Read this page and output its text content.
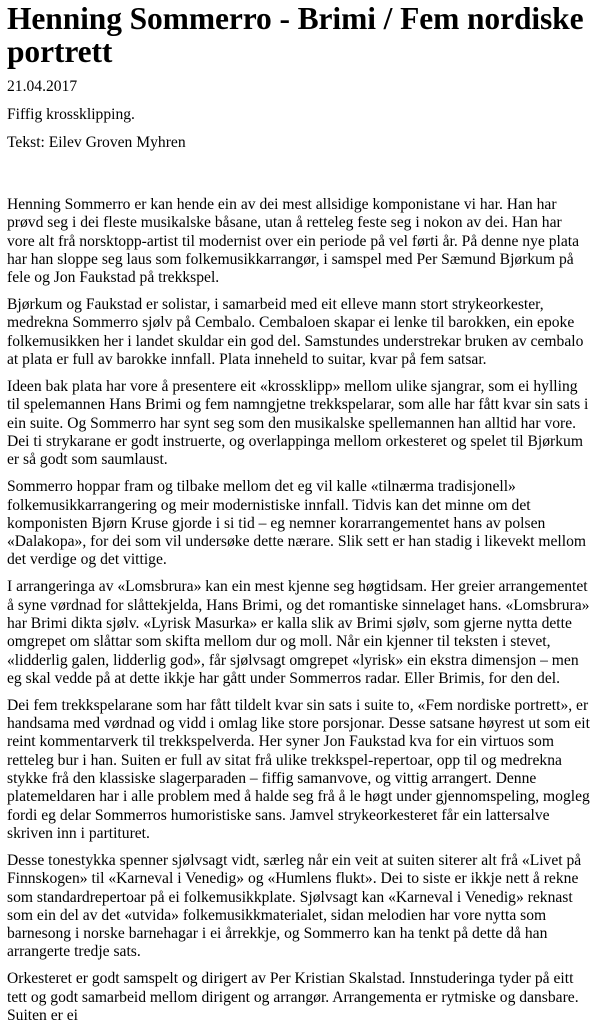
Henning Sommerro - Brimi / Fem nordiske portrett

21.04.2017

Fiffig krossklipping.

Tekst: Eilev Groven Myhren

Henning Sommerro er kan hende ein av dei mest allsidige komponistane vi har. Han har prøvd seg i dei fleste musikalske båsane, utan å retteleg feste seg i nokon av dei. Han har vore alt frå norsktopp-artist til modernist over ein periode på vel førti år. På denne nye plata har han sloppe seg laus som folkemusikkarrangør, i samspel med Per Sæmund Bjørkum på fele og Jon Faukstad på trekkspel.

Bjørkum og Faukstad er solistar, i samarbeid med eit elleve mann stort strykeorkester, medrekna Sommerro sjølv på Cembalo. Cembaloen skapar ei lenke til barokken, ein epoke folkemusikken her i landet skuldar ein god del. Samstundes understrekar bruken av cembalo at plata er full av barokke innfall. Plata inneheld to suitar, kvar på fem satsar.

Ideen bak plata har vore å presentere eit «krossklipp» mellom ulike sjangrar, som ei hylling til spelemannen Hans Brimi og fem namngjetne trekkspelarar, som alle har fått kvar sin sats i ein suite. Og Sommerro har synt seg som den musikalske spellemannen han alltid har vore. Dei ti strykarane er godt instruerte, og overlappinga mellom orkesteret og spelet til Bjørkum er så godt som saumlaust.

Sommerro hoppar fram og tilbake mellom det eg vil kalle «tilnærma tradisjonell» folkemusikkarrangering og meir modernistiske innfall. Tidvis kan det minne om det komponisten Bjørn Kruse gjorde i si tid – eg nemner korarrangementet hans av polsen «Dalakopa», for dei som vil undersøke dette nærare. Slik sett er han stadig i likevekt mellom det verdige og det vittige.

I arrangeringa av «Lomsbrura» kan ein mest kjenne seg høgtidsam. Her greier arrangementet å syne vørdnad for slåttekjelda, Hans Brimi, og det romantiske sinnelaget hans. «Lomsbrura» har Brimi dikta sjølv. «Lyrisk Masurka» er kalla slik av Brimi sjølv, som gjerne nytta dette omgrepet om slåttar som skifta mellom dur og moll. Når ein kjenner til teksten i stevet, «lidderlig galen, lidderlig god», får sjølvsagt omgrepet «lyrisk» ein ekstra dimensjon – men eg skal vedde på at dette ikkje har gått under Sommerros radar. Eller Brimis, for den del.

Dei fem trekkspelarane som har fått tildelt kvar sin sats i suite to, «Fem nordiske portrett», er handsama med vørdnad og vidd i omlag like store porsjonar. Desse satsane høyrest ut som eit reint kommentarverk til trekkspelverda. Her syner Jon Faukstad kva for ein virtuos som retteleg bur i han. Suiten er full av sitat frå ulike trekkspel-repertoar, opp til og medrekna stykke frå den klassiske slagerparaden – fiffig samanvove, og vittig arrangert. Denne platemeldaren har i alle problem med å halde seg frå å le høgt under gjennomspeling, mogleg fordi eg delar Sommerros humoristiske sans. Jamvel strykeorkesteret får ein lattersalve skriven inn i partituret.

Desse tonestykka spenner sjølvsagt vidt, særleg når ein veit at suiten siterer alt frå «Livet på Finnskogen» til «Karneval i Venedig» og «Humlens flukt». Dei to siste er ikkje nett å rekne som standardrepertoar på ei folkemusikkplate. Sjølvsagt kan «Karneval i Venedig» reknast som ein del av det «utvida» folkemusikkmaterialet, sidan melodien har vore nytta som barnesong i norske barnehagar i ei årrekkje, og Sommerro kan ha tenkt på dette då han arrangerte tredje sats.

Orkesteret er godt samspelt og dirigert av Per Kristian Skalstad. Innstuderinga tyder på eitt tett og godt samarbeid mellom dirigent og arrangør. Arrangementa er rytmiske og dansbare. Suiten er ei
